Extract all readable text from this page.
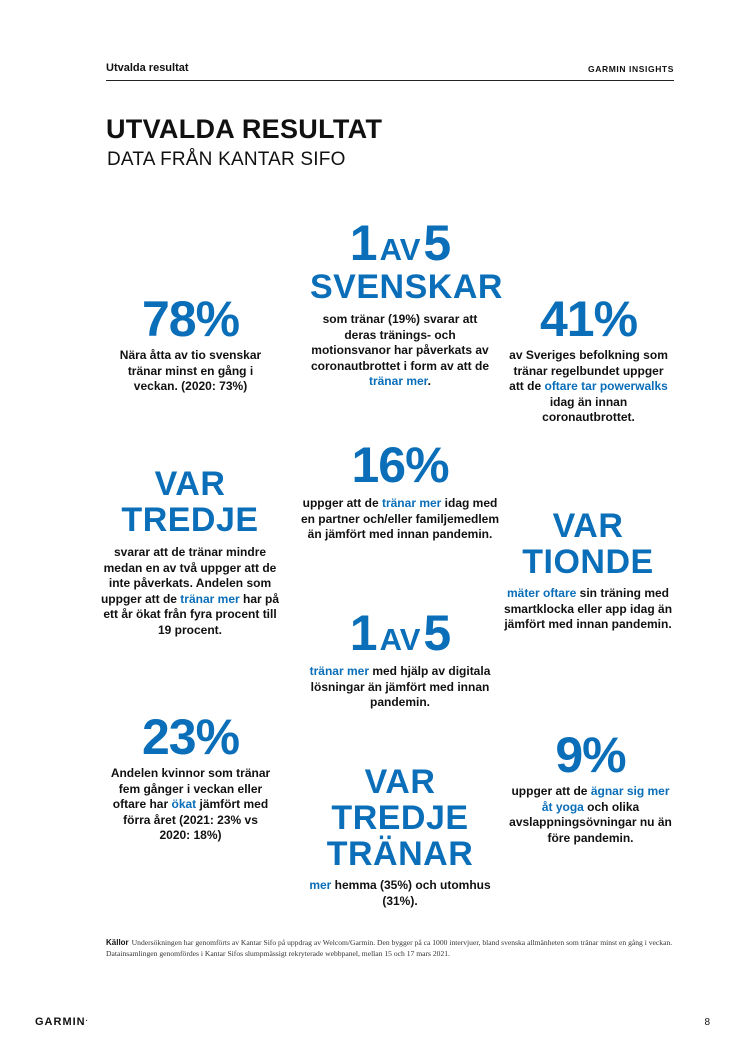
Utvalda resultat	GARMIN INSIGHTS
UTVALDA RESULTAT
DATA FRÅN KANTAR SIFO
1AV5
SVENSKAR
som tränar (19%) svarar att deras tränings- och motionsvanor har påverkats av coronautbrottet i form av att de tränar mer.
78%
Nära åtta av tio svenskar tränar minst en gång i veckan. (2020: 73%)
41%
av Sveriges befolkning som tränar regelbundet uppger att de oftare tar powerwalks idag än innan coronautbrottet.
16%
uppger att de tränar mer idag med en partner och/eller familjemedlem än jämfört med innan pandemin.
VAR
TREDJE
svarar att de tränar mindre medan en av två uppger att de inte påverkats. Andelen som uppger att de tränar mer har på ett år ökat från fyra procent till 19 procent.
VAR
TIONDE
mäter oftare sin träning med smartklocka eller app idag än jämfört med innan pandemin.
1AV5
tränar mer med hjälp av digitala lösningar än jämfört med innan pandemin.
23%
Andelen kvinnor som tränar fem gånger i veckan eller oftare har ökat jämfört med förra året (2021: 23% vs 2020: 18%)
9%
uppger att de ägnar sig mer åt yoga och olika avslappningsövningar nu än före pandemin.
VAR
TREDJE
TRÄNAR
mer hemma (35%) och utomhus (31%).
Källor Undersökningen har genomförts av Kantar Sifo på uppdrag av Welcom/Garmin. Den bygger på ca 1000 intervjuer, bland svenska allmänheten som tränar minst en gång i veckan. Datainsamlingen genomfördes i Kantar Sifos slumpmässigt rekryterade webbpanel, mellan 15 och 17 mars 2021.
GARMIN.	8
